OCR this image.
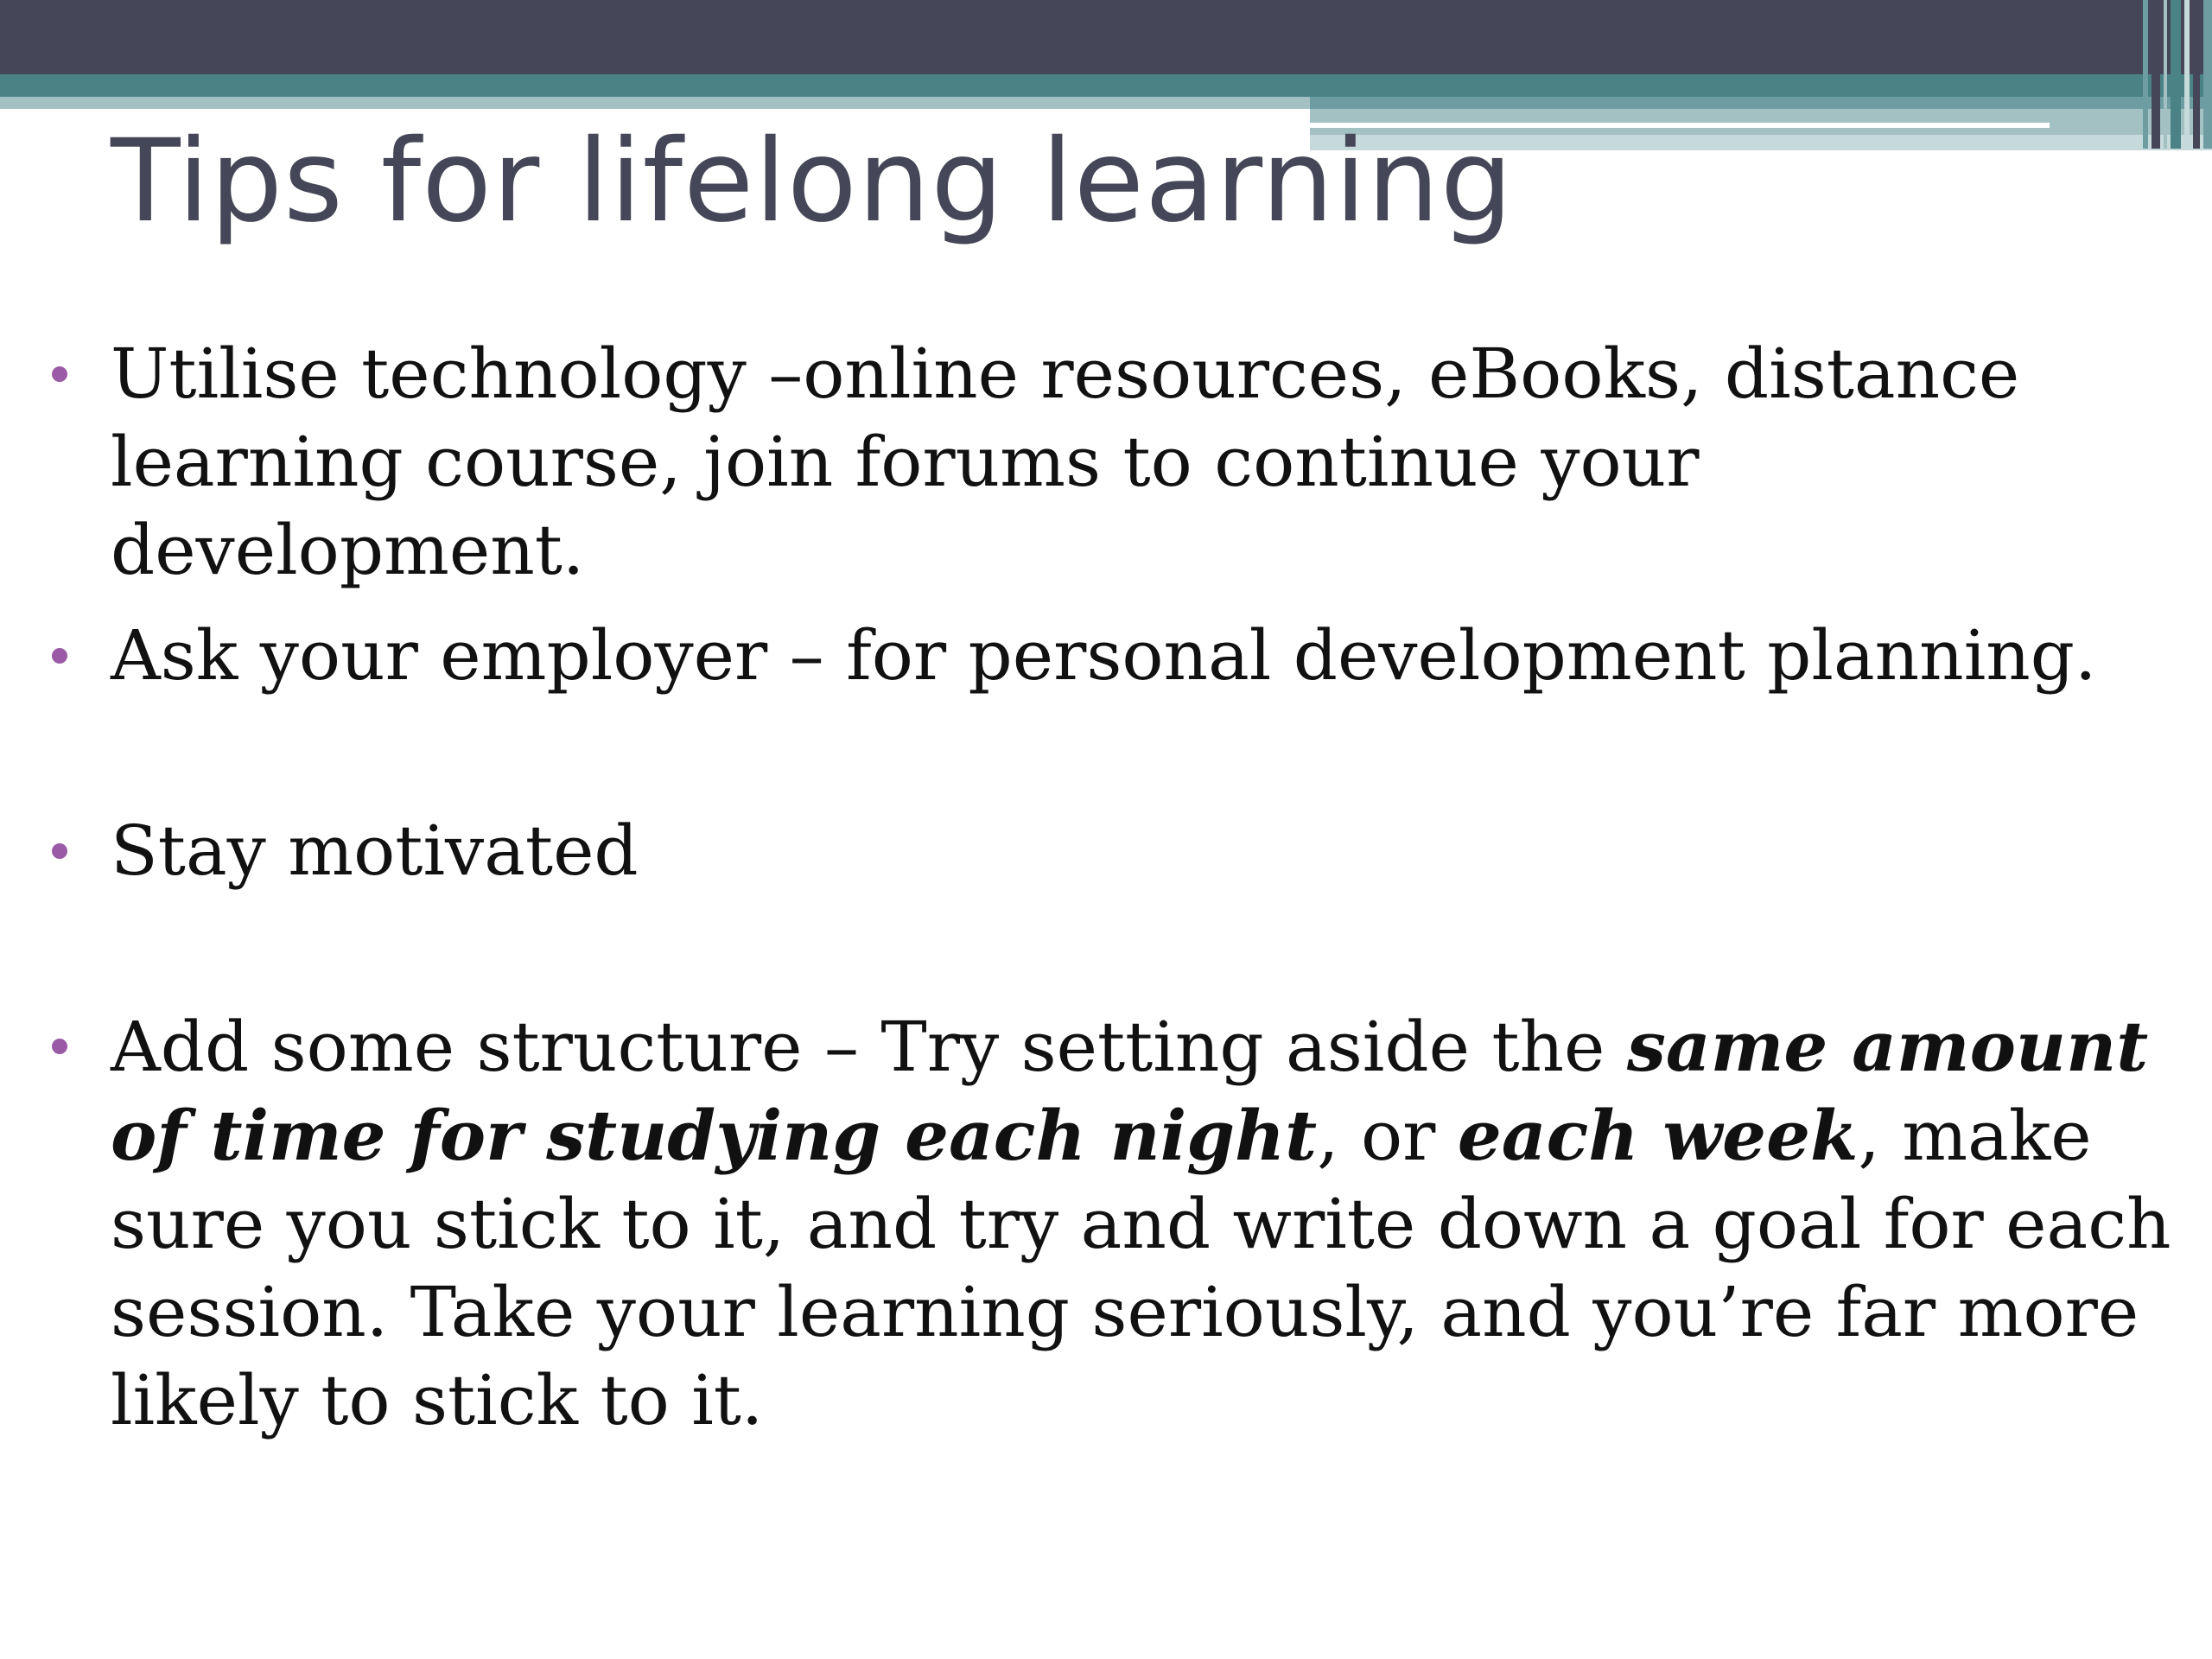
Tips for lifelong learning

Utilise technology –online resources, eBooks, distance learning course, join forums to continue your development.

Ask your employer – for personal development planning.

Stay motivated

Add some structure – Try setting aside the same amount of time for studying each night, or each week, make sure you stick to it, and try and write down a goal for each session. Take your learning seriously, and you’re far more likely to stick to it.
